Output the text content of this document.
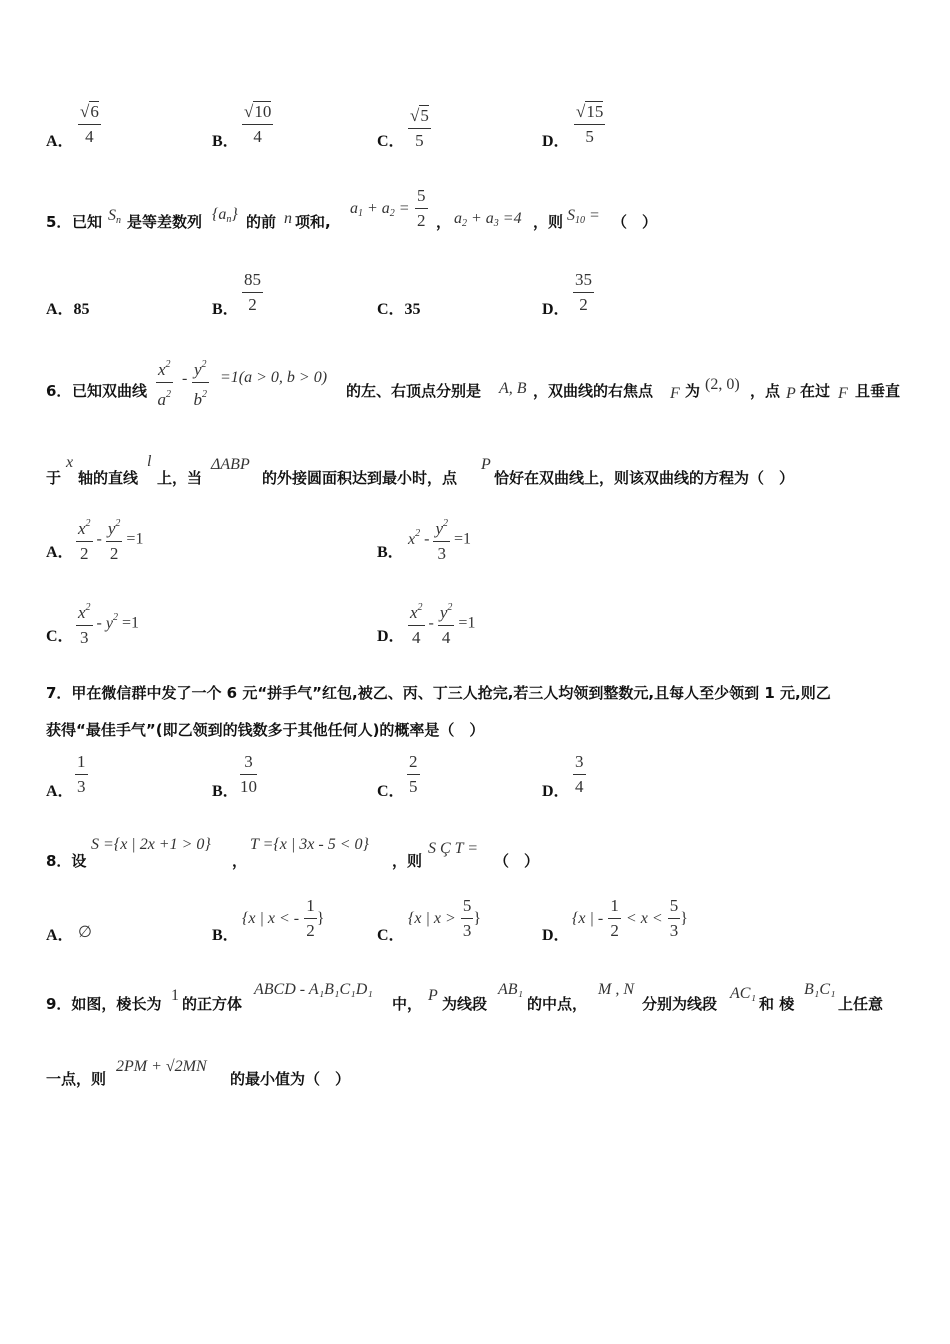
A． $\frac{√6}{4}$	B． $\frac{√10}{4}$	C． $\frac{√5}{5}$	D． $\frac{√15}{5}$
5． 已知 $S_n$ 是等差数列 $\{a_n\}$ 的前 n 项和,
$a_1 + a_2 = \frac{5}{2}$ ， $a_2 + a_3 =4$ ，则 $S_{10}$ = （　）
A．85	B． $\frac{85}{2}$	C．35	D． $\frac{35}{2}$
6． 已知双曲线 $\frac{x^2}{a^2} - \frac{y^2}{b^2} =1(a > 0$, b > 0)
的左、右顶点分别是 A, B ，双曲线的右焦点 F 为 (2, 0) ，点 P 在过 F 且垂直
于
x
轴的直线
l
上，当
ΔABP
的外接圆面积达到最小时，点
P
恰好在双曲线上，则该双曲线的方程为（　）
A． $\frac{x^2}{2} - \frac{y^2}{2} =1$
B．
$x^2 - \frac{y^2}{3} =1$
C． $\frac{x^2}{3} - y^2 =1$
D． $\frac{x^2}{4} - \frac{y^2}{4} =1$
7．甲在微信群中发了一个 6 元“拼手气”红包,被乙、丙、丁三人抢完,若三人均领到整数元,且每人至少领到 1 元,则乙
获得“最佳手气”(即乙领到的钱数多于其他任何人)的概率是（　）
A． $\frac{1}{3}$	B． $\frac{3}{10}$	C． $\frac{2}{5}$	D． $\frac{3}{4}$
8．设
S ={x | 2x +1 > 0}
，
T ={x | 3x - 5 < 0}
，则
S Ç T =
（　）
A． ∅	B．
{x | x < - $\frac{1}{2}$ }
C．
{x | $x > \frac{5}{3}$ }
D．
{x | - $\frac{1}{2} < x < \frac{5}{3}$ }
9．如图，棱长为 1 的正方体
ABCD - A₁B₁C₁D₁
中， P 为线段
AB₁
的中点，
M , N
分别为线段
AC₁
和 棱
B₁C₁
上任意
一点，则
2PM + √2MN
的最小值为（　）
